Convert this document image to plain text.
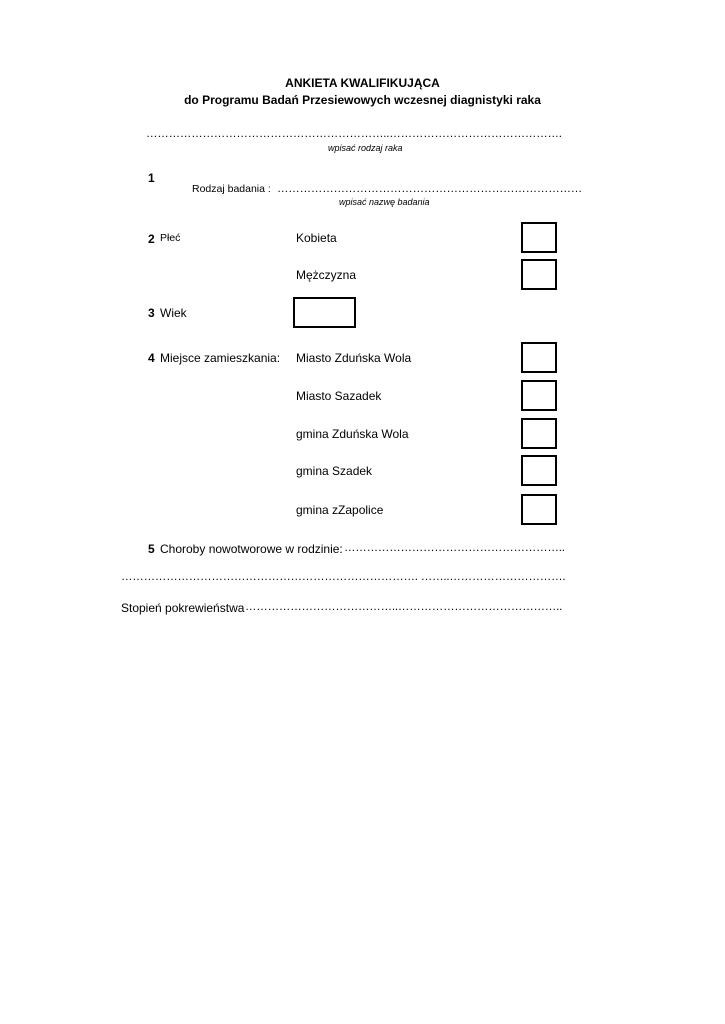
ANKIETA KWALIFIKUJĄCA
do Programu Badań Przesiewowych wczesnej diagnistyki raka
………………………………………………………..……………………………………….
wpisać rodzaj raka
1
Rodzaj badania : ………………………………………………………………………
wpisać nazwę badania
2 Płeć	Kobieta
Mężczyzna
3 Wiek
4 Miejsce zamieszkania: Miasto Zduńska Wola
Miasto Sazadek
gmina Zduńska Wola
gmina Szadek
gmina zZapolice
5 Choroby nowotworowe w rodzinie: …………………………………………………..
……………………………………………………………………. ……..………………………….
Stopień pokrewieństwa …………………………………..……………………………………..
